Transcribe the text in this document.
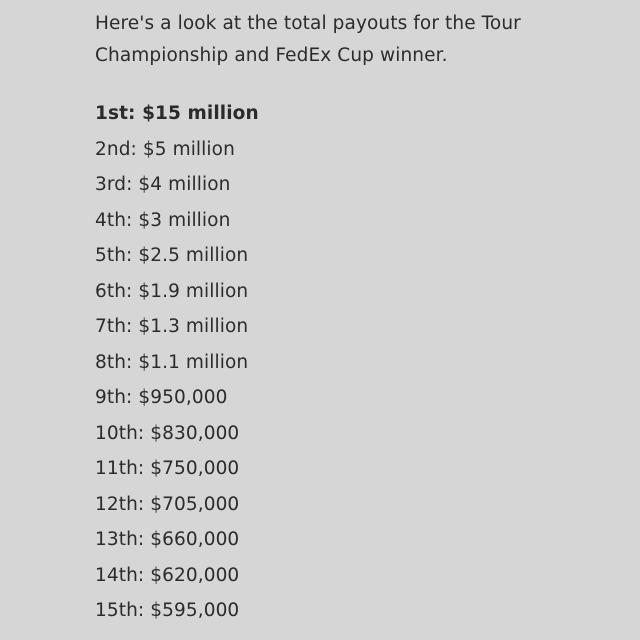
Here's a look at the total payouts for the Tour
Championship and FedEx Cup winner.

1st: $15 million
2nd: $5 million
3rd: $4 million
4th: $3 million
5th: $2.5 million
6th: $1.9 million
7th: $1.3 million
8th: $1.1 million
9th: $950,000
10th: $830,000
11th: $750,000
12th: $705,000
13th: $660,000
14th: $620,000
15th: $595,000
